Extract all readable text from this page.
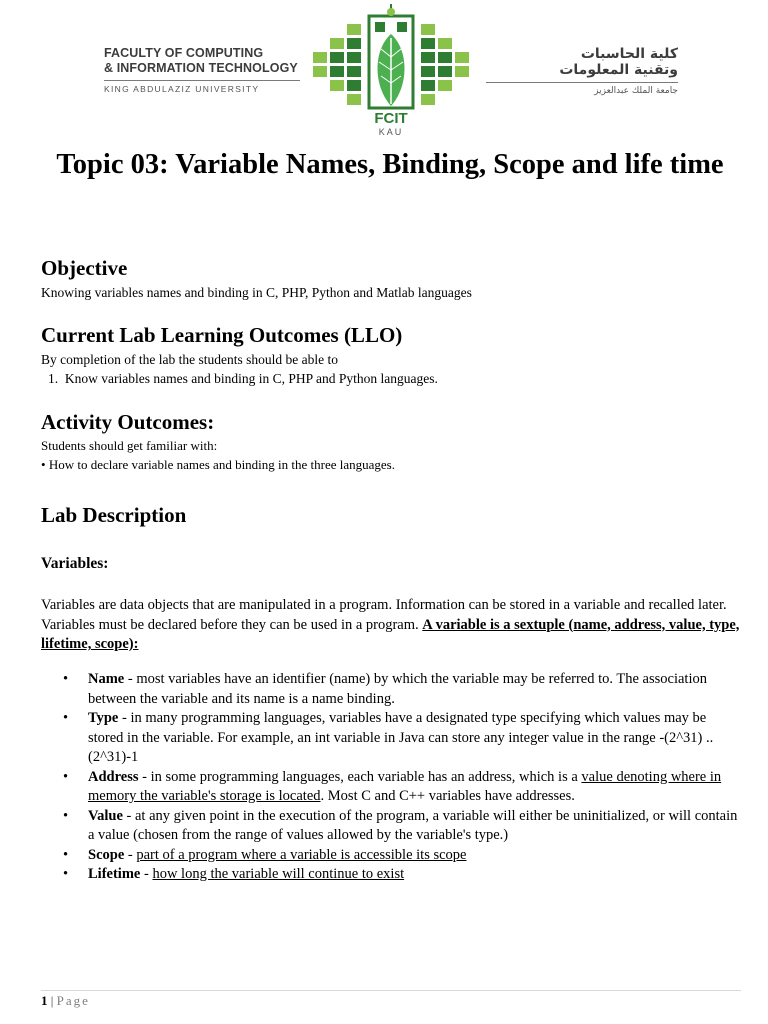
FACULTY OF COMPUTING
& INFORMATION TECHNOLOGY
KING ABDULAZIZ UNIVERSITY
FCIT
KAU
كلية الحاسبات
وتقنية المعلومات
جامعة الملك عبدالعزيز
Topic 03: Variable Names, Binding, Scope and life time
Objective
Knowing variables names and binding in C, PHP, Python and Matlab languages
Current Lab Learning Outcomes (LLO)
By completion of the lab the students should be able to
1.  Know variables names and binding in C, PHP and Python languages.
Activity Outcomes:
Students should get familiar with:
• How to declare variable names and binding in the three languages.
Lab Description
Variables:
Variables are data objects that are manipulated in a program. Information can be stored in a variable and recalled later. Variables must be declared before they can be used in a program. A variable is a sextuple (name, address, value, type, lifetime, scope):
• Name - most variables have an identifier (name) by which the variable may be referred to. The association between the variable and its name is a name binding.
• Type - in many programming languages, variables have a designated type specifying which values may be stored in the variable. For example, an int variable in Java can store any integer value in the range -(2^31) .. (2^31)-1
• Address - in some programming languages, each variable has an address, which is a value denoting where in memory the variable's storage is located. Most C and C++ variables have addresses.
• Value - at any given point in the execution of the program, a variable will either be uninitialized, or will contain a value (chosen from the range of values allowed by the variable's type.)
• Scope - part of a program where a variable is accessible its scope
• Lifetime - how long the variable will continue to exist
1 | Page
